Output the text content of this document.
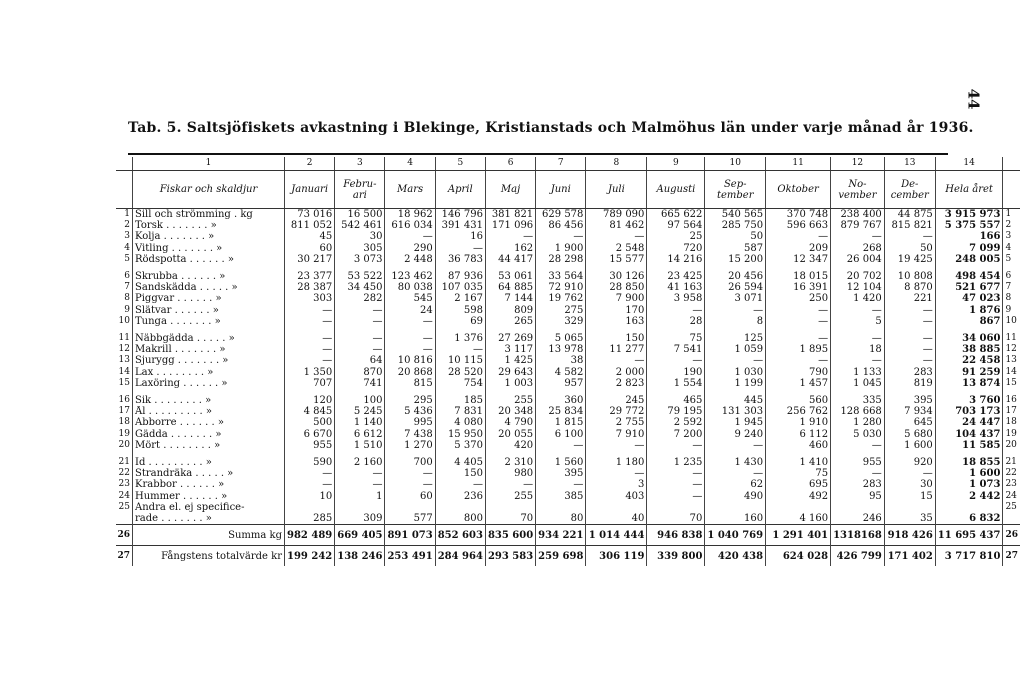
44
Tab. 5. Saltsjöfiskets avkastning i Blekinge, Kristianstads och Malmöhus län under varje månad år 1936.
	1	2	3	4	5	6	7	8	9	10	11	12	13	14	
	Fiskar och skaldjur	Januari	Febru-ari	Mars	April	Maj	Juni	Juli	Augusti	Sep-tember	Oktober	No-vember	De-cember	Hela året	
1	Sill och strömming . kg	73 016	16 500	18 962	146 796	381 821	629 578	789 090	665 622	540 565	370 748	238 400	44 875	3 915 973	1
2	Torsk . . . . . . . »	811 052	542 461	616 034	391 431	171 096	86 456	81 462	97 564	285 750	596 663	879 767	815 821	5 375 557	2
3	Kolja . . . . . . . »	45	30	—	16	—	—	—	25	50	—	—	—	166	3
4	Vitling . . . . . . . »	60	305	290	—	162	1 900	2 548	720	587	209	268	50	7 099	4
5	Rödspotta . . . . . . »	30 217	3 073	2 448	36 783	44 417	28 298	15 577	14 216	15 200	12 347	26 004	19 425	248 005	5

6	Skrubba . . . . . . »	23 377	53 522	123 462	87 936	53 061	33 564	30 126	23 425	20 456	18 015	20 702	10 808	498 454	6
7	Sandskädda . . . . . »	28 387	34 450	80 038	107 035	64 885	72 910	28 850	41 163	26 594	16 391	12 104	8 870	521 677	7
8	Piggvar . . . . . . »	303	282	545	2 167	7 144	19 762	7 900	3 958	3 071	250	1 420	221	47 023	8
9	Slätvar . . . . . . »	—	—	24	598	809	275	170	—	—	—	—	—	1 876	9
10	Tunga . . . . . . . »	—	—	—	69	265	329	163	28	8	—	5	—	867	10

11	Näbbgädda . . . . . »	—	—	—	1 376	27 269	5 065	150	75	125	—	—	—	34 060	11
12	Makrill . . . . . . . »	—	—	—	—	3 117	13 978	11 277	7 541	1 059	1 895	18	—	38 885	12
13	Sjurygg . . . . . . . »	—	64	10 816	10 115	1 425	38	—	—	—	—	—	—	22 458	13
14	Lax . . . . . . . . »	1 350	870	20 868	28 520	29 643	4 582	2 000	190	1 030	790	1 133	283	91 259	14
15	Laxöring . . . . . . »	707	741	815	754	1 003	957	2 823	1 554	1 199	1 457	1 045	819	13 874	15

16	Sik . . . . . . . . »	120	100	295	185	255	360	245	465	445	560	335	395	3 760	16
17	Ål . . . . . . . . . »	4 845	5 245	5 436	7 831	20 348	25 834	29 772	79 195	131 303	256 762	128 668	7 934	703 173	17
18	Abborre . . . . . . »	500	1 140	995	4 080	4 790	1 815	2 755	2 592	1 945	1 910	1 280	645	24 447	18
19	Gädda . . . . . . . »	6 670	6 612	7 438	15 950	20 055	6 100	7 910	7 200	9 240	6 112	5 030	5 680	104 437	19
20	Mört . . . . . . . . »	955	1 510	1 270	5 370	420	—	—	—	—	460	—	1 600	11 585	20

21	Id . . . . . . . . . »	590	2 160	700	4 405	2 310	1 560	1 180	1 235	1 430	1 410	955	920	18 855	21
22	Strandräka . . . . . »	—	—	—	150	980	395	—	—	—	75	—	—	1 600	22
23	Krabbor . . . . . . »	—	—	—	—	—	—	3	—	62	695	283	30	1 073	23
24	Hummer . . . . . . »	10	1	60	236	255	385	403	—	490	492	95	15	2 442	24
25	Andra el. ej specifice-														25
	rade . . . . . . . »	285	309	577	800	70	80	40	70	160	4 160	246	35	6 832	
26	Summa kg	982 489	669 405	891 073	852 603	835 600	934 221	1 014 444	946 838	1 040 769	1 291 401	1318168	918 426	11 695 437	26
27	Fångstens totalvärde kr	199 242	138 246	253 491	284 964	293 583	259 698	306 119	339 800	420 438	624 028	426 799	171 402	3 717 810	27
